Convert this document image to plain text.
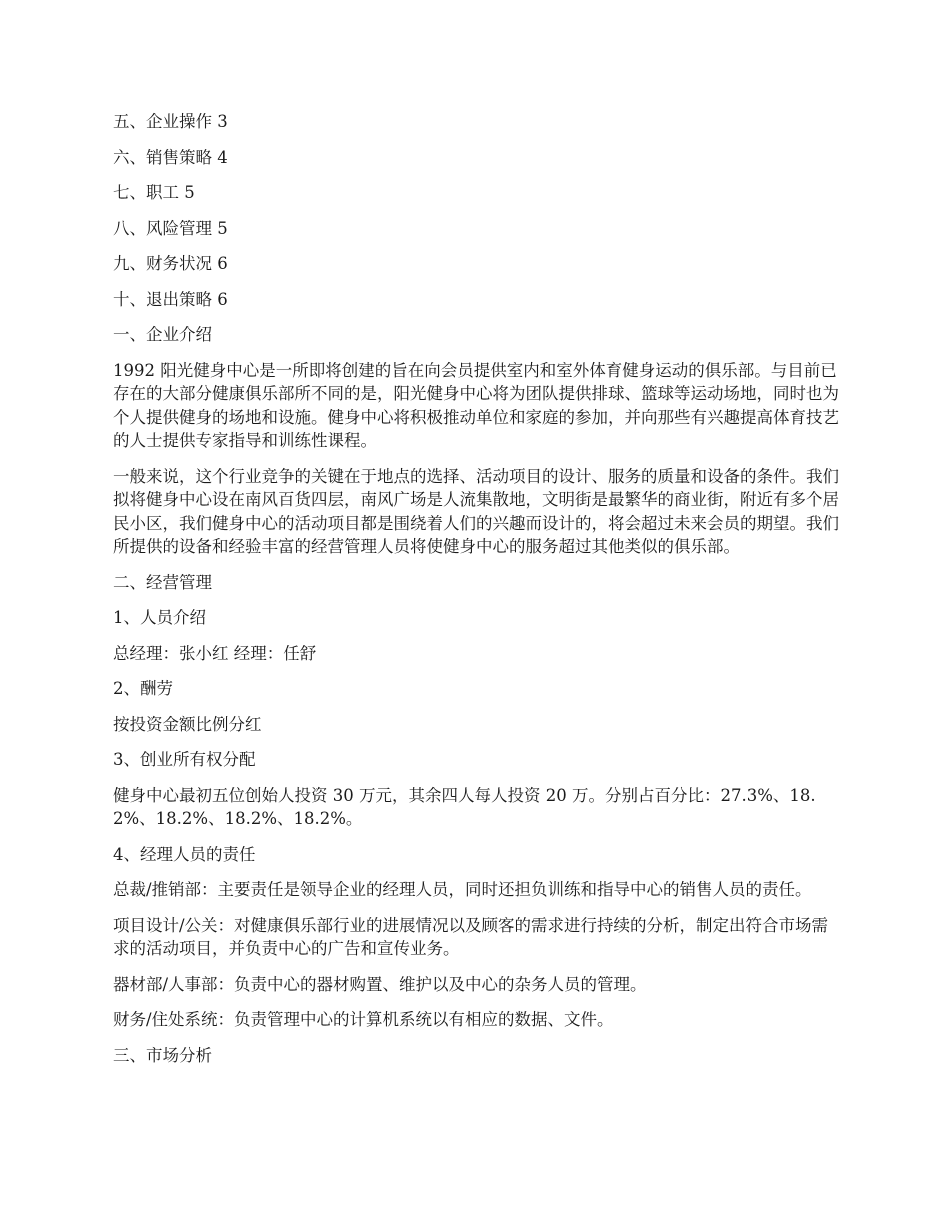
五、企业操作 3

六、销售策略 4

七、职工 5

八、风险管理 5

九、财务状况 6

十、退出策略 6

一、企业介绍

1992 阳光健身中心是一所即将创建的旨在向会员提供室内和室外体育健身运动的俱乐部。与目前已存在的大部分健康俱乐部所不同的是，阳光健身中心将为团队提供排球、篮球等运动场地，同时也为个人提供健身的场地和设施。健身中心将积极推动单位和家庭的参加，并向那些有兴趣提高体育技艺的人士提供专家指导和训练性课程。

一般来说，这个行业竞争的关键在于地点的选择、活动项目的设计、服务的质量和设备的条件。我们拟将健身中心设在南风百货四层，南风广场是人流集散地，文明街是最繁华的商业街，附近有多个居民小区，我们健身中心的活动项目都是围绕着人们的兴趣而设计的，将会超过未来会员的期望。我们所提供的设备和经验丰富的经营管理人员将使健身中心的服务超过其他类似的俱乐部。

二、经营管理

1、人员介绍

总经理：张小红 经理：任舒

2、酬劳

按投资金额比例分红

3、创业所有权分配

健身中心最初五位创始人投资 30 万元，其余四人每人投资 20 万。分别占百分比：27.3%、18.2%、18.2%、18.2%、18.2%。

4、经理人员的责任

总裁/推销部：主要责任是领导企业的经理人员，同时还担负训练和指导中心的销售人员的责任。

项目设计/公关：对健康俱乐部行业的进展情况以及顾客的需求进行持续的分析，制定出符合市场需求的活动项目，并负责中心的广告和宣传业务。

器材部/人事部：负责中心的器材购置、维护以及中心的杂务人员的管理。

财务/住处系统：负责管理中心的计算机系统以有相应的数据、文件。

三、市场分析
